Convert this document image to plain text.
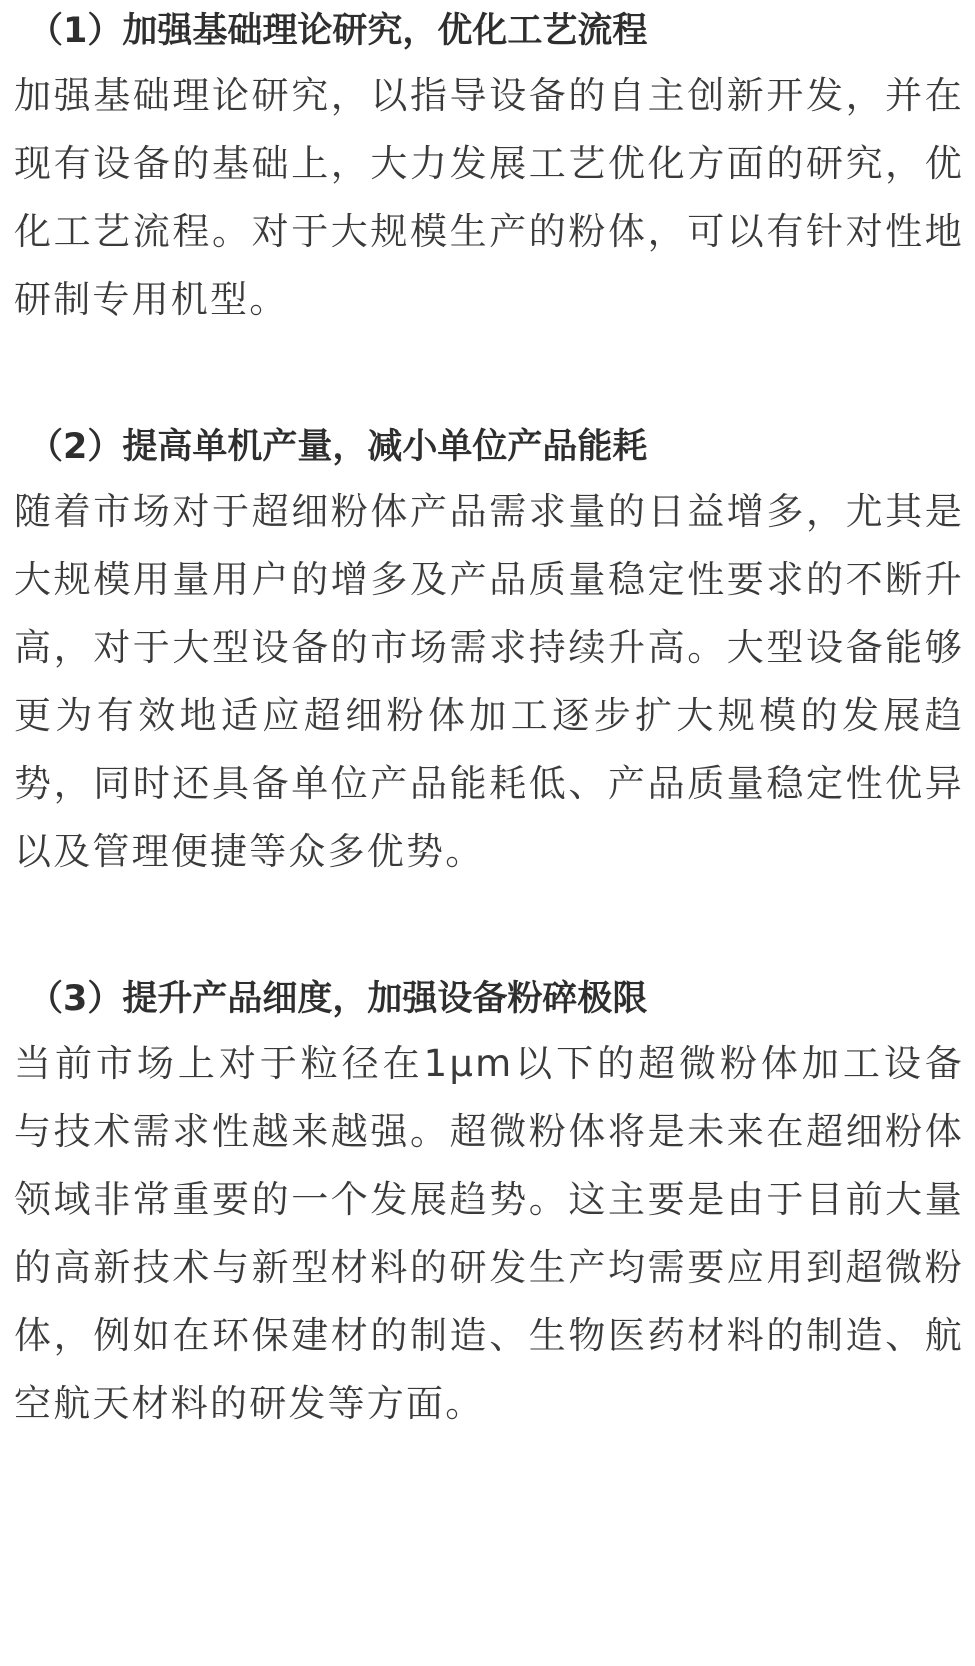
（1）加强基础理论研究，优化工艺流程

加强基础理论研究，以指导设备的自主创新开发，并在现有设备的基础上，大力发展工艺优化方面的研究，优化工艺流程。对于大规模生产的粉体，可以有针对性地研制专用机型。

（2）提高单机产量，减小单位产品能耗

随着市场对于超细粉体产品需求量的日益增多，尤其是大规模用量用户的增多及产品质量稳定性要求的不断升高，对于大型设备的市场需求持续升高。大型设备能够更为有效地适应超细粉体加工逐步扩大规模的发展趋势，同时还具备单位产品能耗低、产品质量稳定性优异以及管理便捷等众多优势。

（3）提升产品细度，加强设备粉碎极限

当前市场上对于粒径在1μm以下的超微粉体加工设备与技术需求性越来越强。超微粉体将是未来在超细粉体领域非常重要的一个发展趋势。这主要是由于目前大量的高新技术与新型材料的研发生产均需要应用到超微粉体，例如在环保建材的制造、生物医药材料的制造、航空航天材料的研发等方面。
